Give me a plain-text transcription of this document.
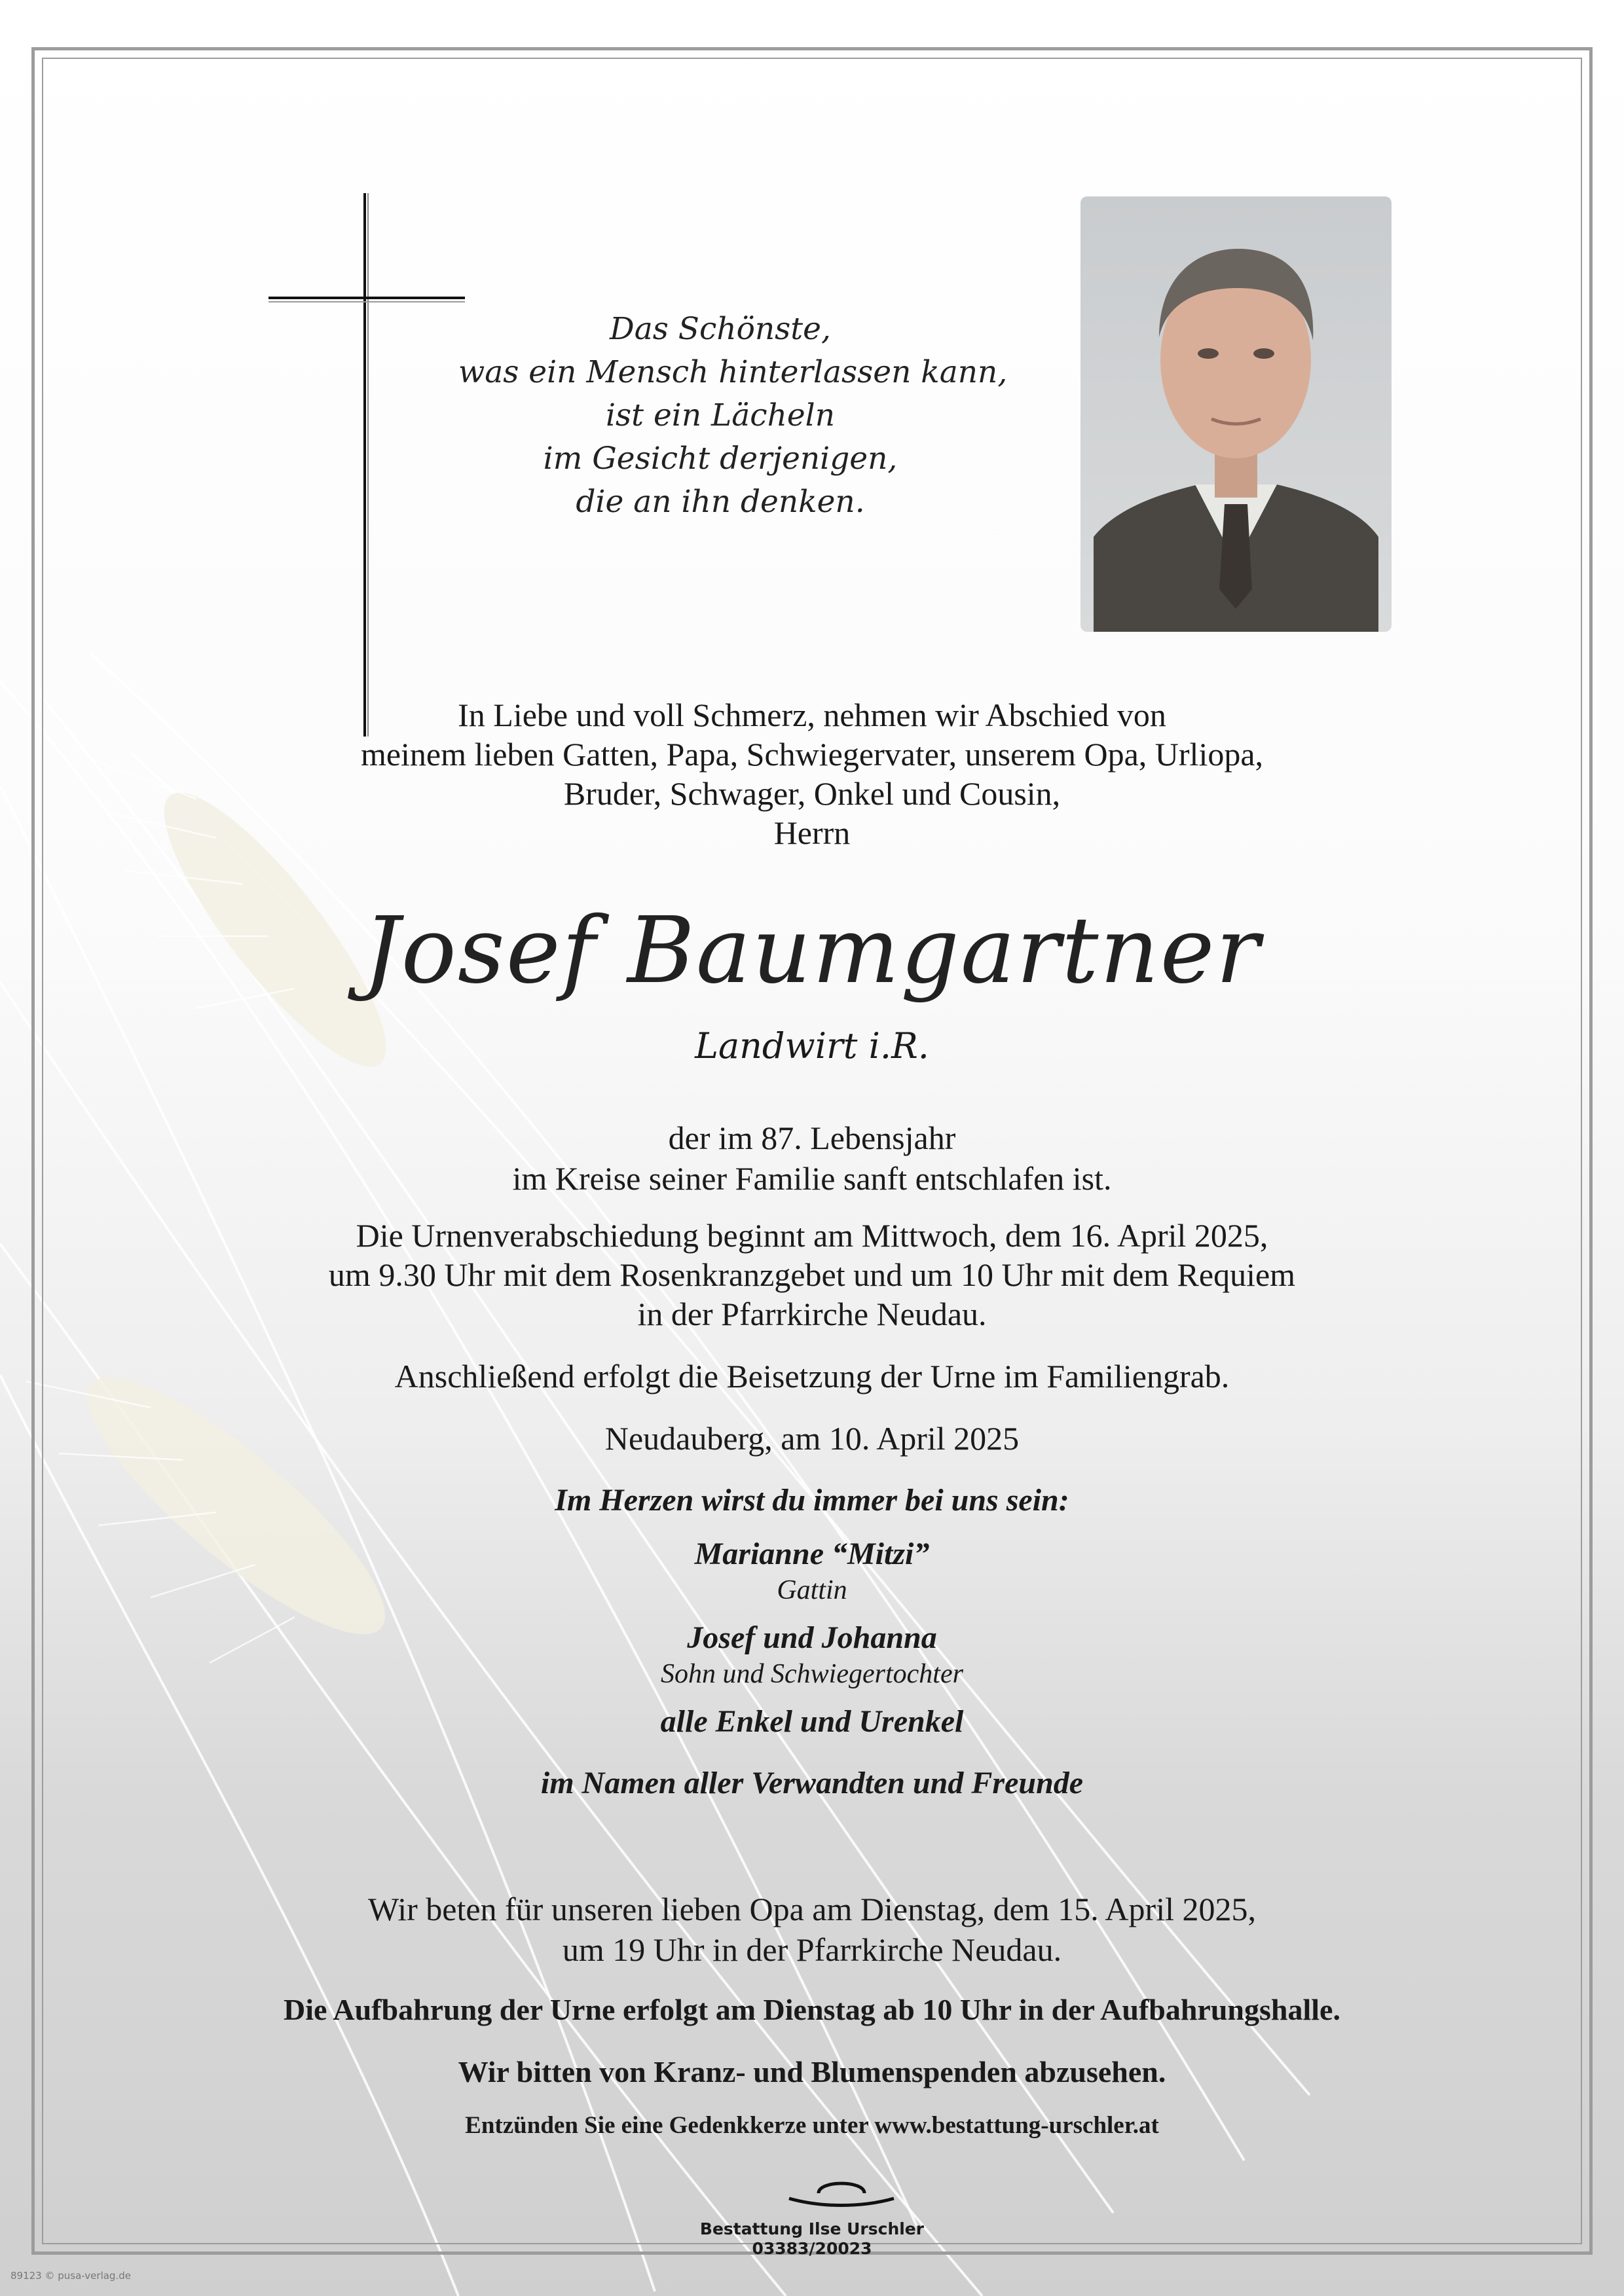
Das Schönste,
was ein Mensch hinterlassen kann,
ist ein Lächeln
im Gesicht derjenigen,
die an ihn denken.
In Liebe und voll Schmerz, nehmen wir Abschied von
meinem lieben Gatten, Papa, Schwiegervater, unserem Opa, Urliopa,
Bruder, Schwager, Onkel und Cousin,
Herrn
Josef Baumgartner
Landwirt i.R.
der im 87. Lebensjahr
im Kreise seiner Familie sanft entschlafen ist.
Die Urnenverabschiedung beginnt am Mittwoch, dem 16. April 2025,
um 9.30 Uhr mit dem Rosenkranzgebet und um 10 Uhr mit dem Requiem
in der Pfarrkirche Neudau.
Anschließend erfolgt die Beisetzung der Urne im Familiengrab.
Neudauberg, am 10. April 2025
Im Herzen wirst du immer bei uns sein:
Marianne “Mitzi”
Gattin
Josef und Johanna
Sohn und Schwiegertochter
alle Enkel und Urenkel
im Namen aller Verwandten und Freunde
Wir beten für unseren lieben Opa am Dienstag, dem 15. April 2025,
um 19 Uhr in der Pfarrkirche Neudau.
Die Aufbahrung der Urne erfolgt am Dienstag ab 10 Uhr in der Aufbahrungshalle.
Wir bitten von Kranz- und Blumenspenden abzusehen.
Entzünden Sie eine Gedenkkerze unter www.bestattung-urschler.at
Bestattung Ilse Urschler
03383/20023
89123 © pusa-verlag.de
